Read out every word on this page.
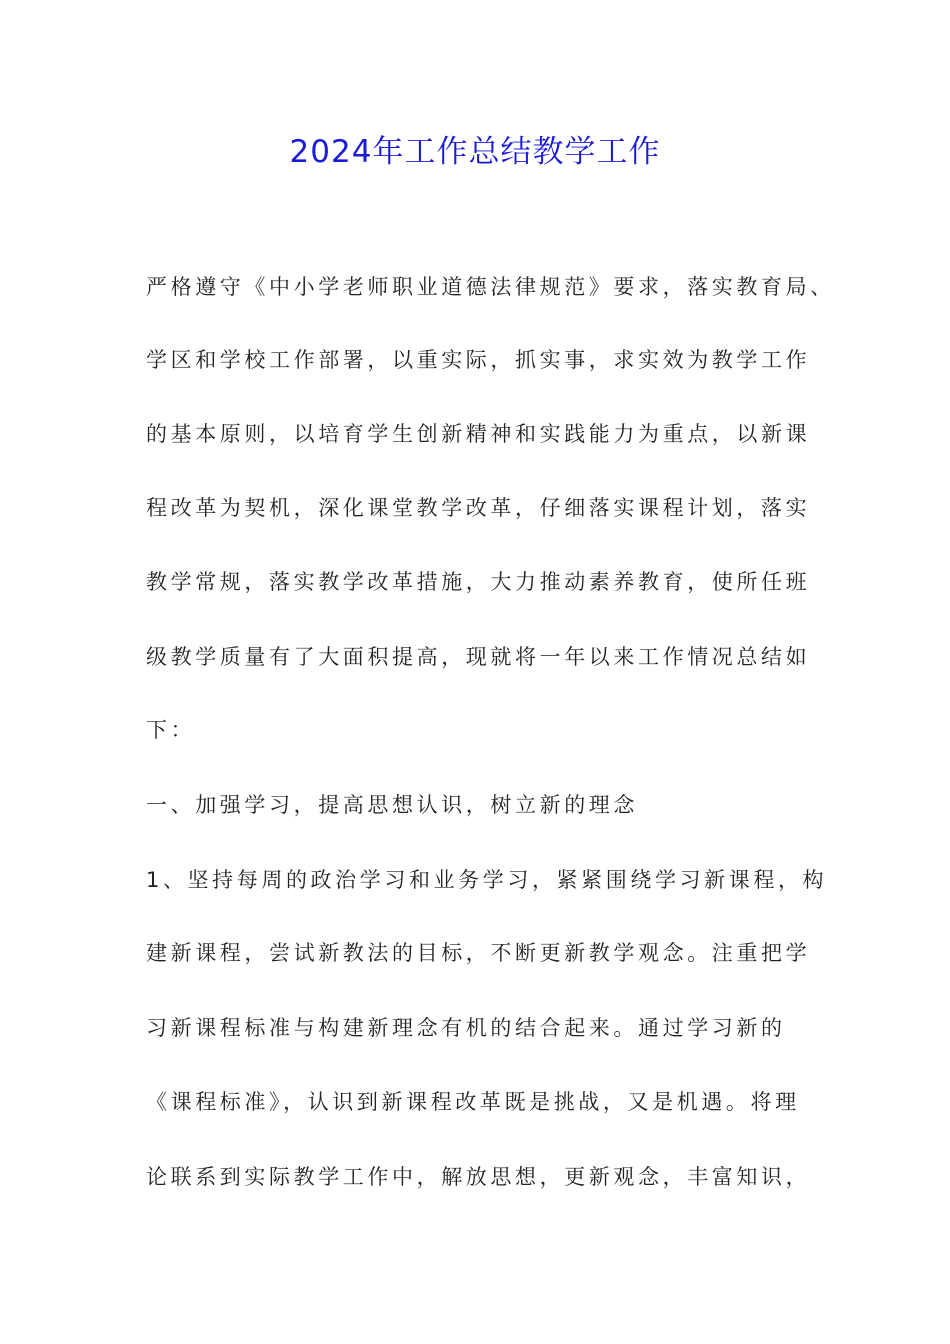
2024年工作总结教学工作
严格遵守《中小学老师职业道德法律规范》要求，落实教育局、
学区和学校工作部署，以重实际，抓实事，求实效为教学工作
的基本原则，以培育学生创新精神和实践能力为重点，以新课
程改革为契机，深化课堂教学改革，仔细落实课程计划，落实
教学常规，落实教学改革措施，大力推动素养教育，使所任班
级教学质量有了大面积提高，现就将一年以来工作情况总结如
下：
一、加强学习，提高思想认识，树立新的理念
1、坚持每周的政治学习和业务学习，紧紧围绕学习新课程，构
建新课程，尝试新教法的目标，不断更新教学观念。注重把学
习新课程标准与构建新理念有机的结合起来。通过学习新的
《课程标准》，认识到新课程改革既是挑战，又是机遇。将理
论联系到实际教学工作中，解放思想，更新观念，丰富知识，
